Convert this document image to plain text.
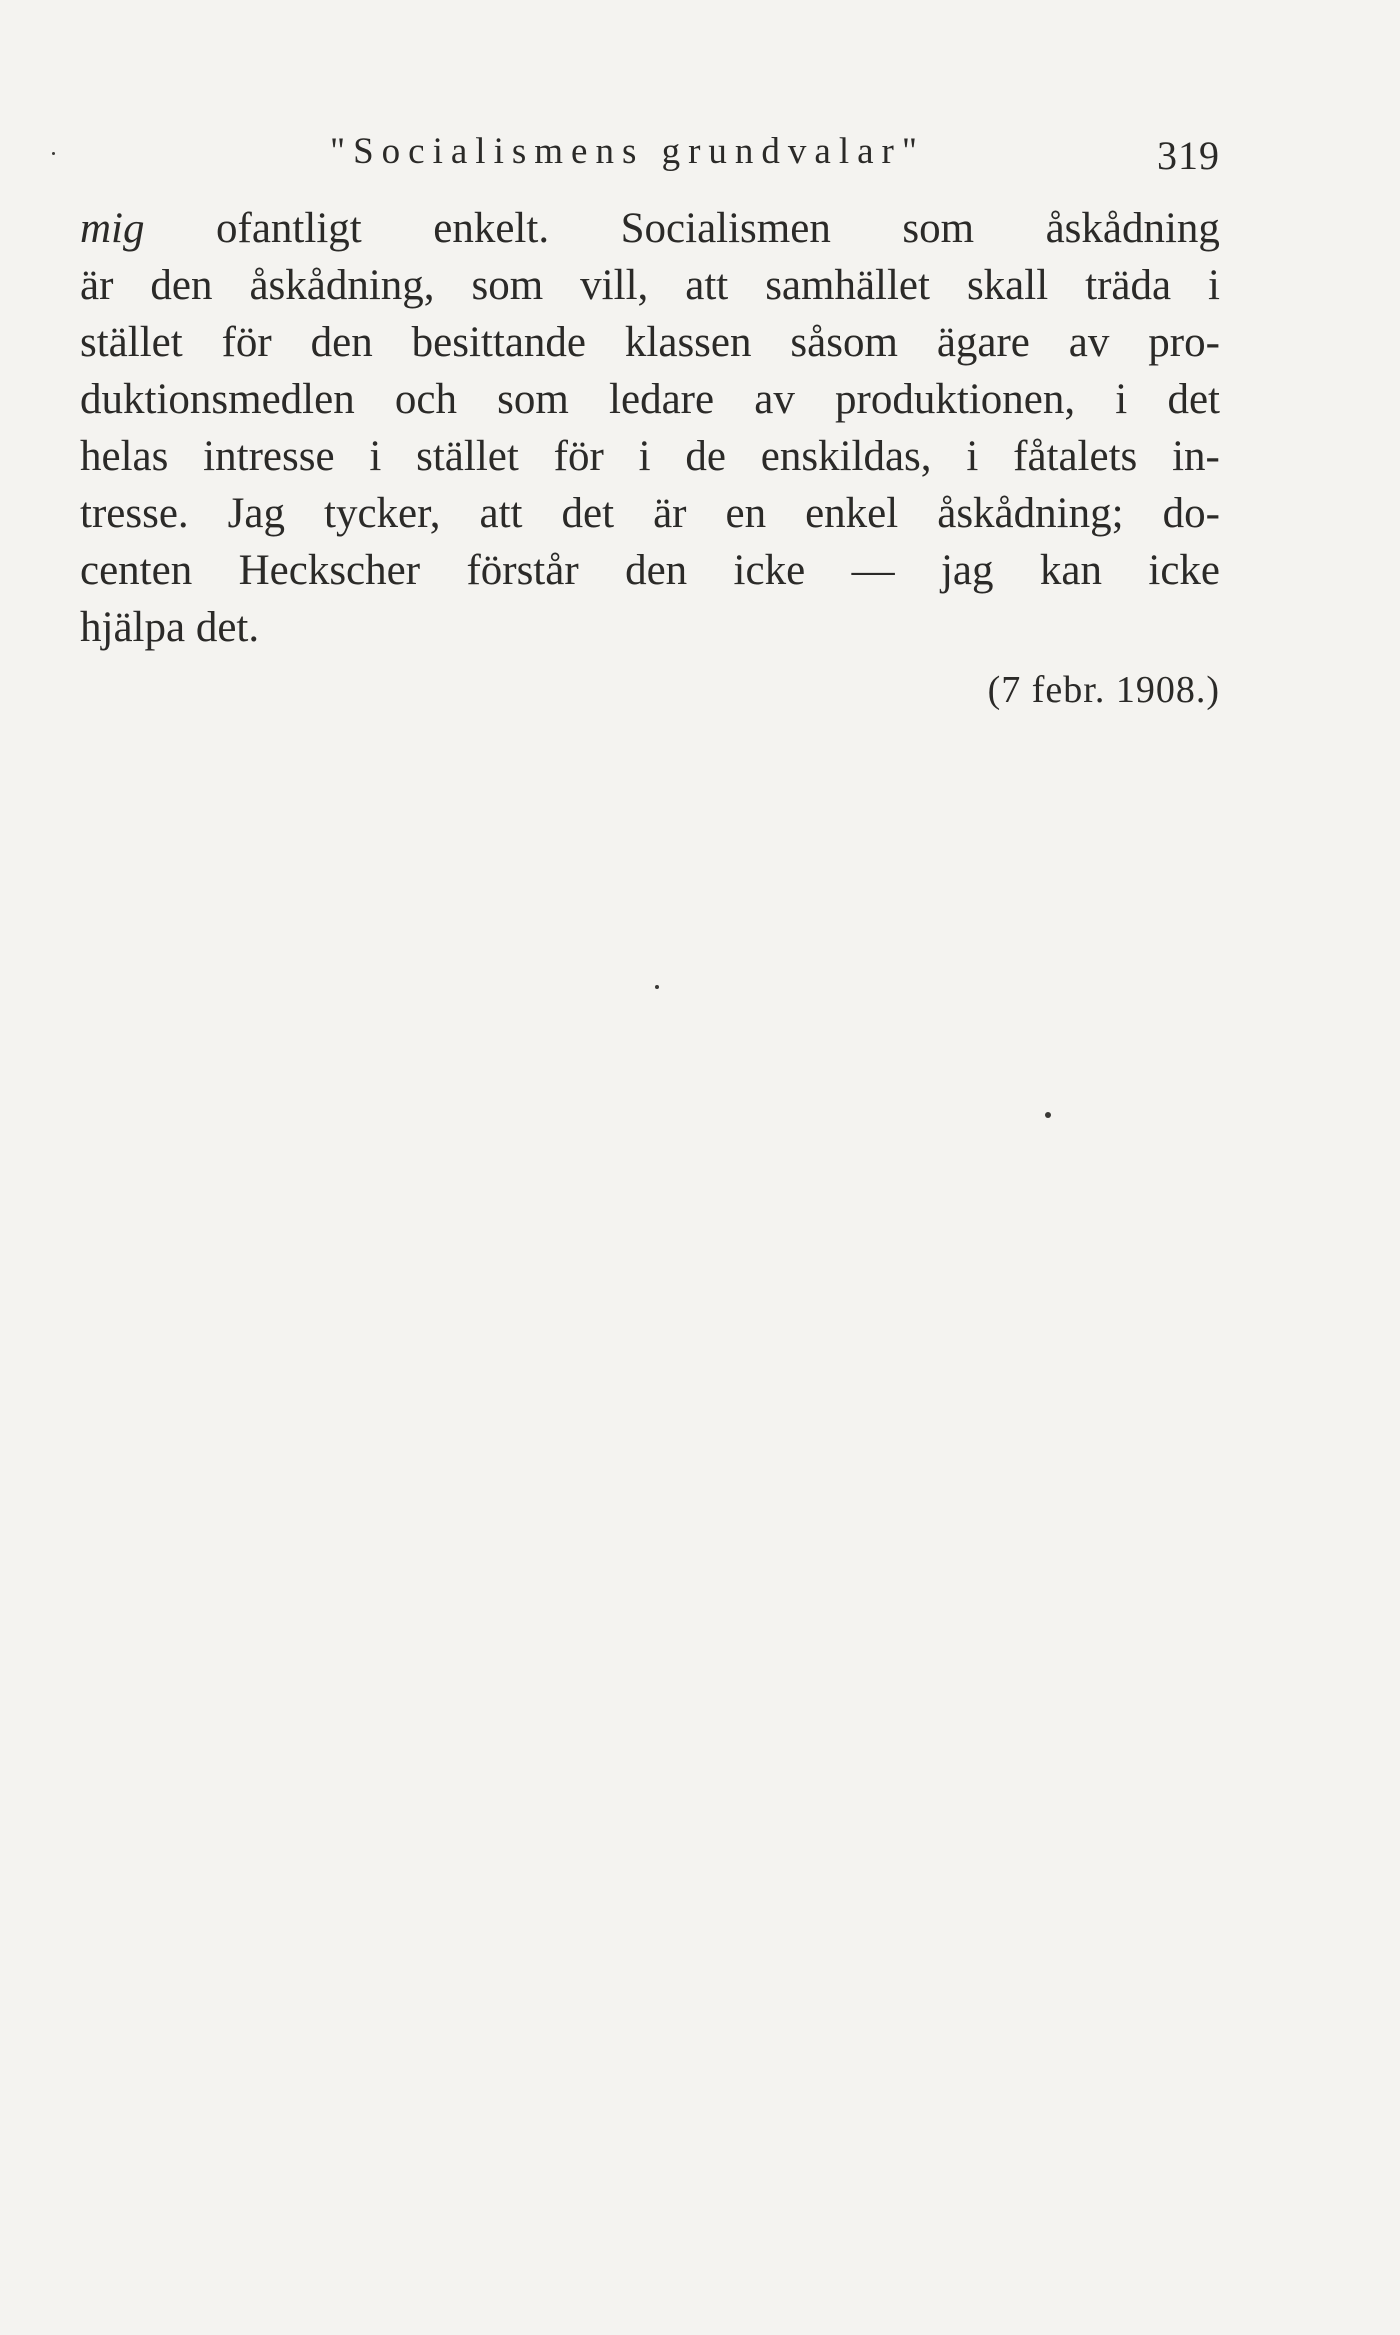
"Socialismens grundvalar"	319
mig ofantligt enkelt. Socialismen som åskådning
är den åskådning, som vill, att samhället skall träda i
stället för den besittande klassen såsom ägare av pro-
duktionsmedlen och som ledare av produktionen, i det
helas intresse i stället för i de enskildas, i fåtalets in-
tresse. Jag tycker, att det är en enkel åskådning; do-
centen Heckscher förstår den icke — jag kan icke
hjälpa det.
(7 febr. 1908.)
